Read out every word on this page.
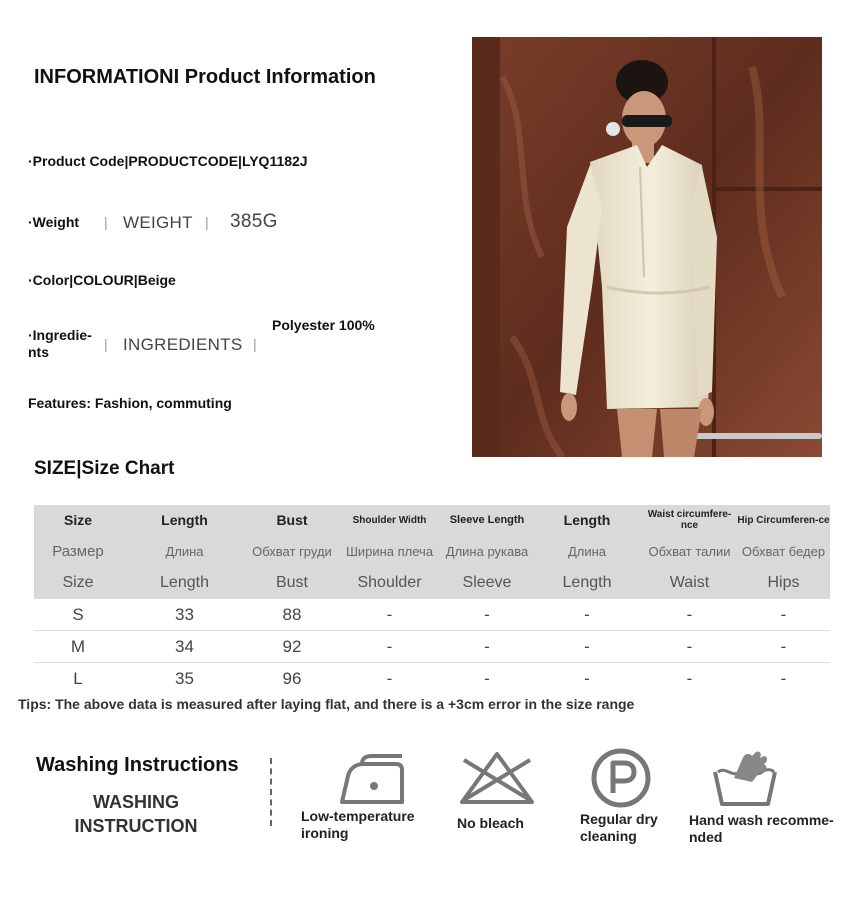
INFORMATIONI Product Information
·Product Code|PRODUCTCODE|LYQ1182J
·Weight | WEIGHT | 385G
·Color|COLOUR|Beige
·Ingredie-
nts	| INGREDIENTS |
Polyester 100%
Features: Fashion, commuting
SIZE|Size Chart
Size	Length	Bust	Shoulder Width	Sleeve Length	Length	Waist circumfere-nce	Hip Circumferen-ce
Размер	Длина	Обхват груди	Ширина плеча	Длина рукава	Длина	Обхват талии	Обхват бедер
Size	Length	Bust	Shoulder	Sleeve	Length	Waist	Hips
S	33	88	-	-	-	-	-
M	34	92	-	-	-	-	-
L	35	96	-	-	-	-	-
Tips: The above data is measured after laying flat, and there is a +3cm error in the size range
Washing Instructions
WASHING
INSTRUCTION	Low-temperature
ironing
No bleach	Regular dry
cleaning
Hand wash recomme-
nded
